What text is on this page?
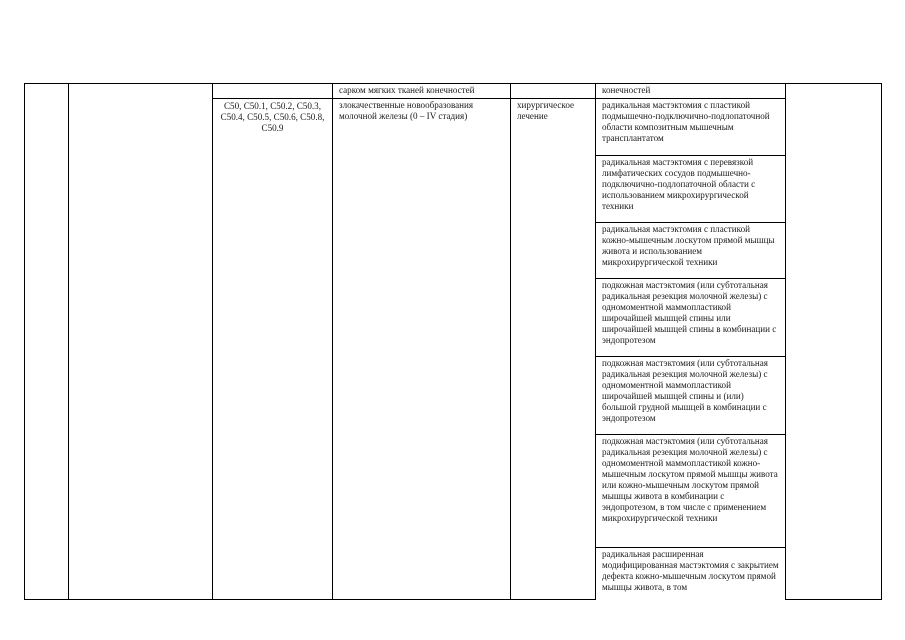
			сарком мягких тканей конечностей		конечностей	
		C50, C50.1, C50.2, C50.3, C50.4, C50.5, C50.6, C50.8, C50.9	злокачественные новообразования молочной железы (0 – IV стадия)	хирургическое лечение	радикальная мастэктомия с пластикой подмышечно-подключично-подлопаточной области композитным мышечным трансплантатом	
					радикальная мастэктомия с перевязкой лимфатических сосудов подмышечно-подключично-подлопаточной области с использованием микрохирургической техники	
					радикальная мастэктомия с пластикой кожно-мышечным лоскутом прямой мышцы живота и использованием микрохирургической техники	
					подкожная мастэктомия (или субтотальная радикальная резекция молочной железы) с одномоментной маммопластикой широчайшей мышцей спины или широчайшей мышцей спины в комбинации с эндопротезом	
					подкожная мастэктомия (или субтотальная радикальная резекция молочной железы) с одномоментной маммопластикой широчайшей мышцей спины и (или) большой грудной мышцей в комбинации с эндопротезом	
					подкожная мастэктомия (или субтотальная радикальная резекция молочной железы) с одномоментной маммопластикой кожно-мышечным лоскутом прямой мышцы живота или кожно-мышечным лоскутом прямой мышцы живота в комбинации с эндопротезом, в том числе с применением микрохирургической техники	
					радикальная расширенная модифицированная мастэктомия с закрытием дефекта кожно-мышечным лоскутом прямой мышцы живота, в том	
